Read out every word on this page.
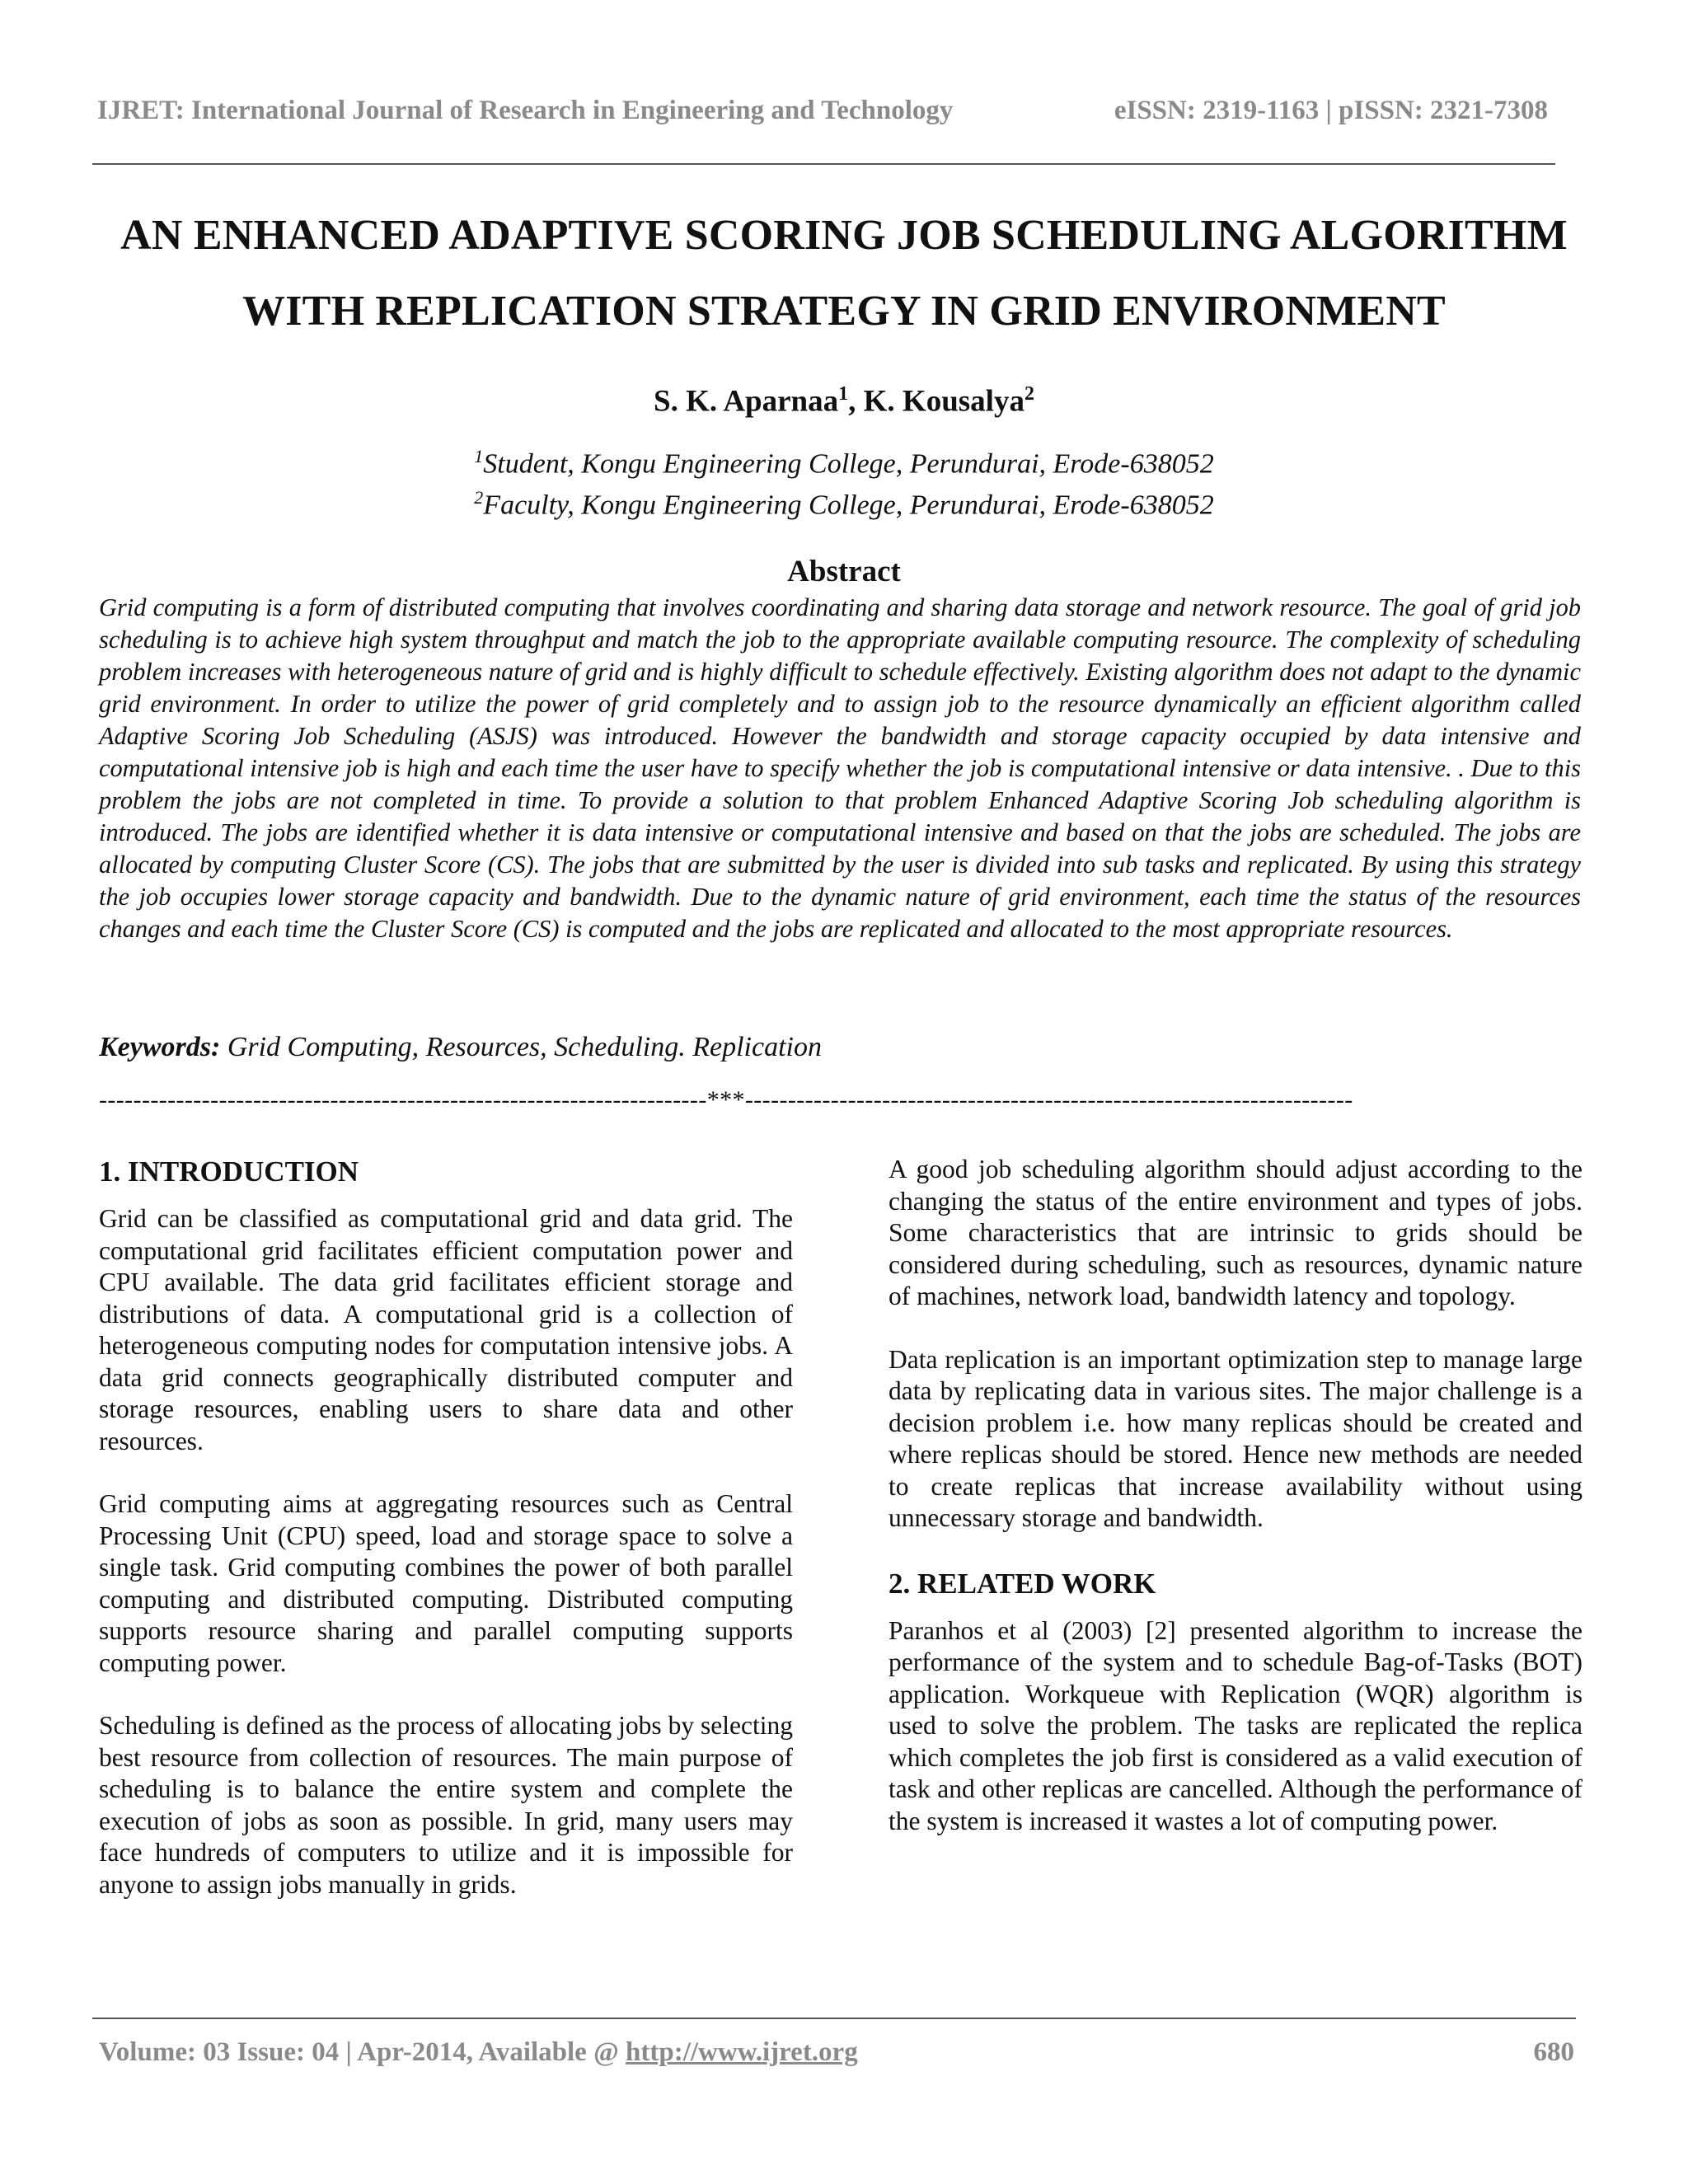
IJRET: International Journal of Research in Engineering and Technology	eISSN: 2319-1163 | pISSN: 2321-7308
AN ENHANCED ADAPTIVE SCORING JOB SCHEDULING ALGORITHM
WITH REPLICATION STRATEGY IN GRID ENVIRONMENT
S. K. Aparnaa$^1$, K. Kousalya$^2$
$^1$Student, Kongu Engineering College, Perundurai, Erode-638052
$^2$Faculty, Kongu Engineering College, Perundurai, Erode-638052
Abstract
Grid computing is a form of distributed computing that involves coordinating and sharing data storage and network resource. The goal of grid job scheduling is to achieve high system throughput and match the job to the appropriate available computing resource. The complexity of scheduling problem increases with heterogeneous nature of grid and is highly difficult to schedule effectively. Existing algorithm does not adapt to the dynamic grid environment. In order to utilize the power of grid completely and to assign job to the resource dynamically an efficient algorithm called Adaptive Scoring Job Scheduling (ASJS) was introduced. However the bandwidth and storage capacity occupied by data intensive and computational intensive job is high and each time the user have to specify whether the job is computational intensive or data intensive. . Due to this problem the jobs are not completed in time. To provide a solution to that problem Enhanced Adaptive Scoring Job scheduling algorithm is introduced. The jobs are identified whether it is data intensive or computational intensive and based on that the jobs are scheduled. The jobs are allocated by computing Cluster Score (CS). The jobs that are submitted by the user is divided into sub tasks and replicated. By using this strategy the job occupies lower storage capacity and bandwidth. Due to the dynamic nature of grid environment, each time the status of the resources changes and each time the Cluster Score (CS) is computed and the jobs are replicated and allocated to the most appropriate resources.
Keywords: Grid Computing, Resources, Scheduling. Replication
-----------------------------------------------------------------------***-----------------------------------------------------------------------
1. INTRODUCTION

Grid can be classified as computational grid and data grid. The computational grid facilitates efficient computation power and CPU available. The data grid facilitates efficient storage and distributions of data. A computational grid is a collection of heterogeneous computing nodes for computation intensive jobs. A data grid connects geographically distributed computer and storage resources, enabling users to share data and other resources.

Grid computing aims at aggregating resources such as Central Processing Unit (CPU) speed, load and storage space to solve a single task. Grid computing combines the power of both parallel computing and distributed computing. Distributed computing supports resource sharing and parallel computing supports computing power.

Scheduling is defined as the process of allocating jobs by selecting best resource from collection of resources. The main purpose of scheduling is to balance the entire system and complete the execution of jobs as soon as possible. In grid, many users may face hundreds of computers to utilize and it is impossible for anyone to assign jobs manually in grids.

A good job scheduling algorithm should adjust according to the changing the status of the entire environment and types of jobs. Some characteristics that are intrinsic to grids should be considered during scheduling, such as resources, dynamic nature of machines, network load, bandwidth latency and topology.

Data replication is an important optimization step to manage large data by replicating data in various sites. The major challenge is a decision problem i.e. how many replicas should be created and where replicas should be stored. Hence new methods are needed to create replicas that increase availability without using unnecessary storage and bandwidth.

2. RELATED WORK

Paranhos et al (2003) [2] presented algorithm to increase the performance of the system and to schedule Bag-of-Tasks (BOT) application. Workqueue with Replication (WQR) algorithm is used to solve the problem. The tasks are replicated the replica which completes the job first is considered as a valid execution of task and other replicas are cancelled. Although the performance of the system is increased it wastes a lot of computing power.

Volume: 03 Issue: 04 | Apr-2014, Available @ http://www.ijret.org	680
